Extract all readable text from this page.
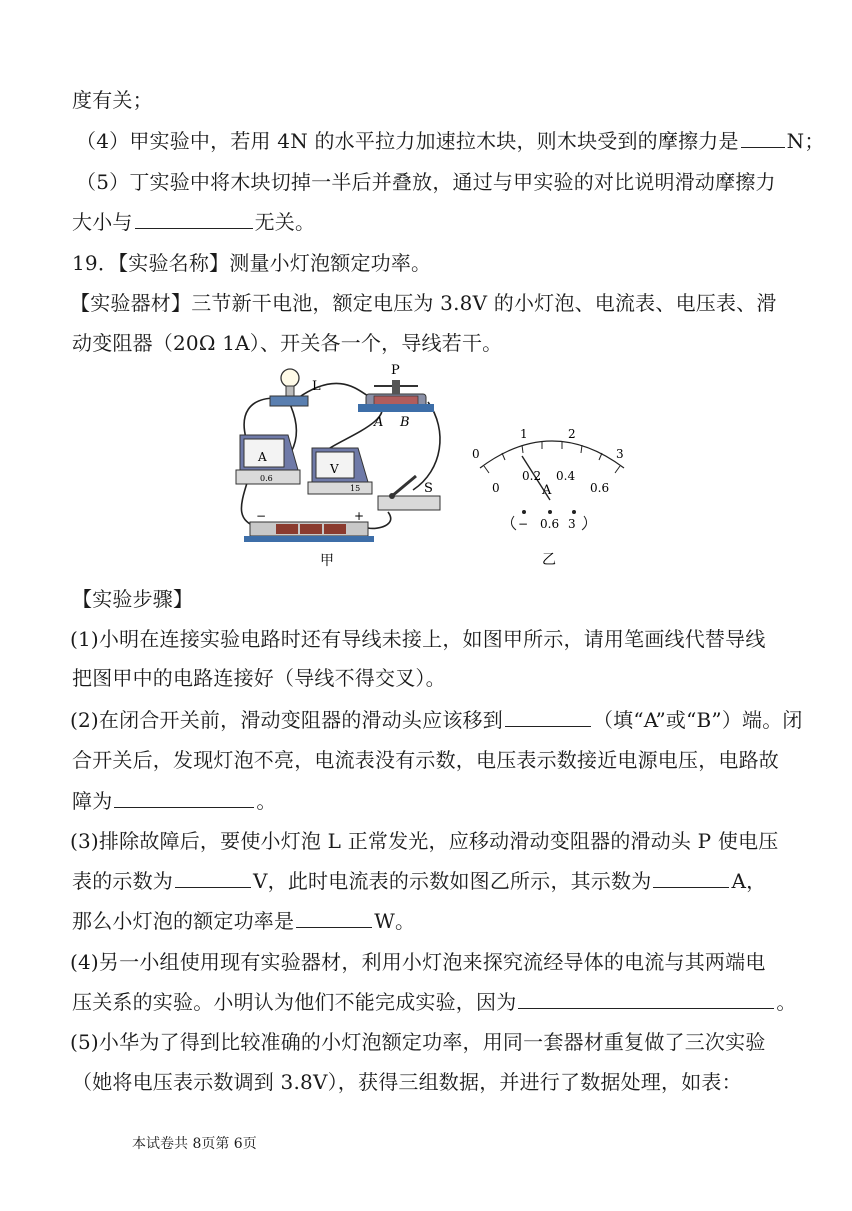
度有关；
（4）甲实验中，若用 4N 的水平拉力加速拉木块，则木块受到的摩擦力是 N；
（5）丁实验中将木块切掉一半后并叠放，通过与甲实验的对比说明滑动摩擦力
大小与	无关。
19．【实验名称】测量小灯泡额定功率。
【实验器材】三节新干电池，额定电压为 3.8V 的小灯泡、电流表、电压表、滑
动变阻器（20Ω 1A）、开关各一个，导线若干。
L
P
A B
A
0.6
V
15	S
−	+
甲
0
1	2
3
0
0.2 0.4
0.6
A
− 0.6 3
乙
【实验步骤】
(1)小明在连接实验电路时还有导线未接上，如图甲所示，请用笔画线代替导线
把图甲中的电路连接好（导线不得交叉）。
(2)在闭合开关前，滑动变阻器的滑动头应该移到	（填“A”或“B”）端。闭
合开关后，发现灯泡不亮，电流表没有示数，电压表示数接近电源电压，电路故
障为	。
(3)排除故障后，要使小灯泡 L 正常发光，应移动滑动变阻器的滑动头 P 使电压
表的示数为	V，此时电流表的示数如图乙所示，其示数为	A，
那么小灯泡的额定功率是	W。
(4)另一小组使用现有实验器材，利用小灯泡来探究流经导体的电流与其两端电
压关系的实验。小明认为他们不能完成实验，因为	。
(5)小华为了得到比较准确的小灯泡额定功率，用同一套器材重复做了三次实验
（她将电压表示数调到 3.8V），获得三组数据，并进行了数据处理，如表：
本试卷共 8页第 6页
